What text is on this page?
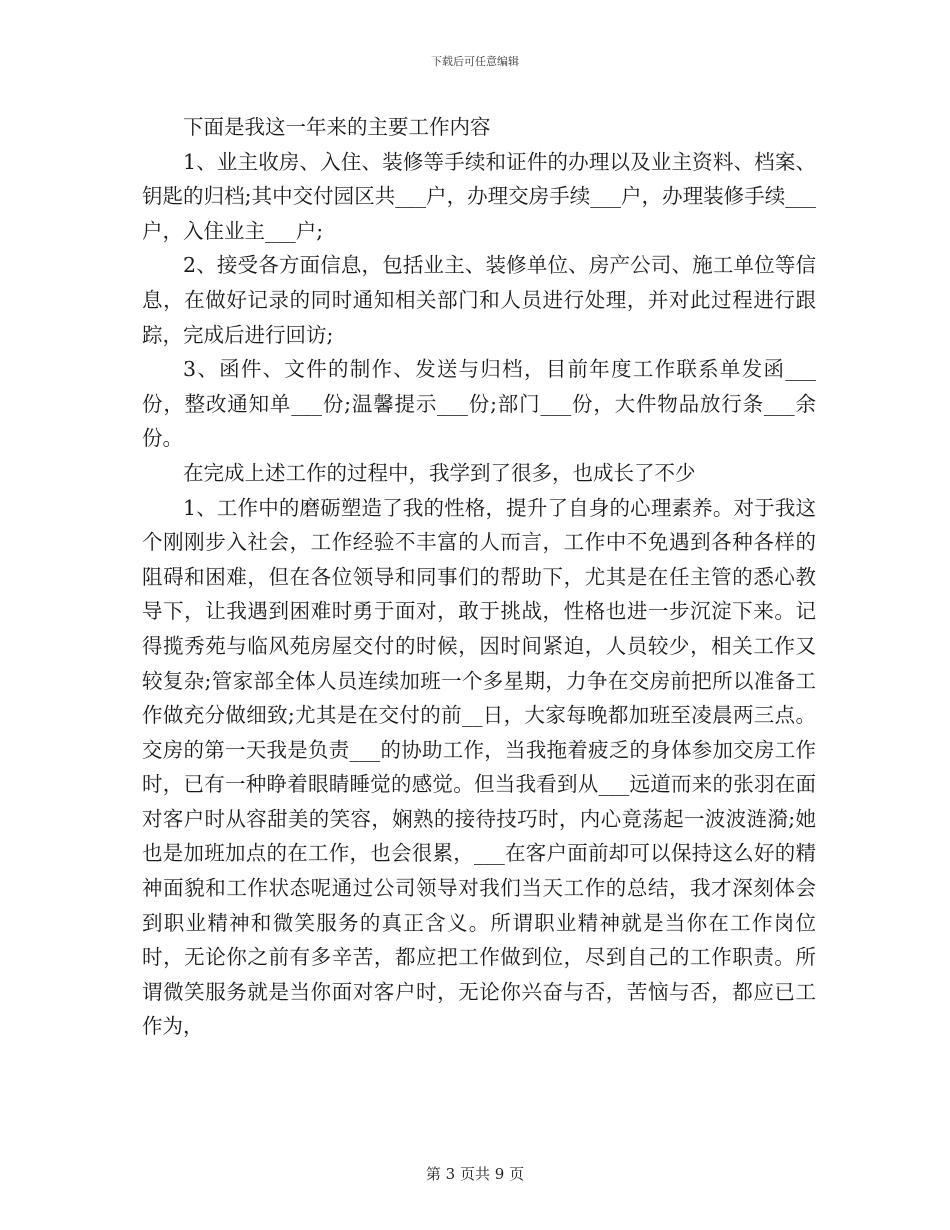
下载后可任意编辑

下面是我这一年来的主要工作内容

1、业主收房、入住、装修等手续和证件的办理以及业主资料、档案、钥匙的归档;其中交付园区共___户，办理交房手续___户，办理装修手续___户，入住业主___户;

2、接受各方面信息，包括业主、装修单位、房产公司、施工单位等信息，在做好记录的同时通知相关部门和人员进行处理，并对此过程进行跟踪，完成后进行回访;

3、函件、文件的制作、发送与归档，目前年度工作联系单发函___份，整改通知单___份;温馨提示___份;部门___份，大件物品放行条___余份。

在完成上述工作的过程中，我学到了很多，也成长了不少

1、工作中的磨砺塑造了我的性格，提升了自身的心理素养。对于我这个刚刚步入社会，工作经验不丰富的人而言，工作中不免遇到各种各样的阻碍和困难，但在各位领导和同事们的帮助下，尤其是在任主管的悉心教导下，让我遇到困难时勇于面对，敢于挑战，性格也进一步沉淀下来。记得揽秀苑与临风苑房屋交付的时候，因时间紧迫，人员较少，相关工作又较复杂;管家部全体人员连续加班一个多星期，力争在交房前把所以准备工作做充分做细致;尤其是在交付的前__日，大家每晚都加班至凌晨两三点。交房的第一天我是负责___的协助工作，当我拖着疲乏的身体参加交房工作时，已有一种睁着眼睛睡觉的感觉。但当我看到从___远道而来的张羽在面对客户时从容甜美的笑容，娴熟的接待技巧时，内心竟荡起一波波涟漪;她也是加班加点的在工作，也会很累，___在客户面前却可以保持这么好的精神面貌和工作状态呢通过公司领导对我们当天工作的总结，我才深刻体会到职业精神和微笑服务的真正含义。所谓职业精神就是当你在工作岗位时，无论你之前有多辛苦，都应把工作做到位，尽到自己的工作职责。所谓微笑服务就是当你面对客户时，无论你兴奋与否，苦恼与否，都应已工作为，

第 3 页共 9 页
